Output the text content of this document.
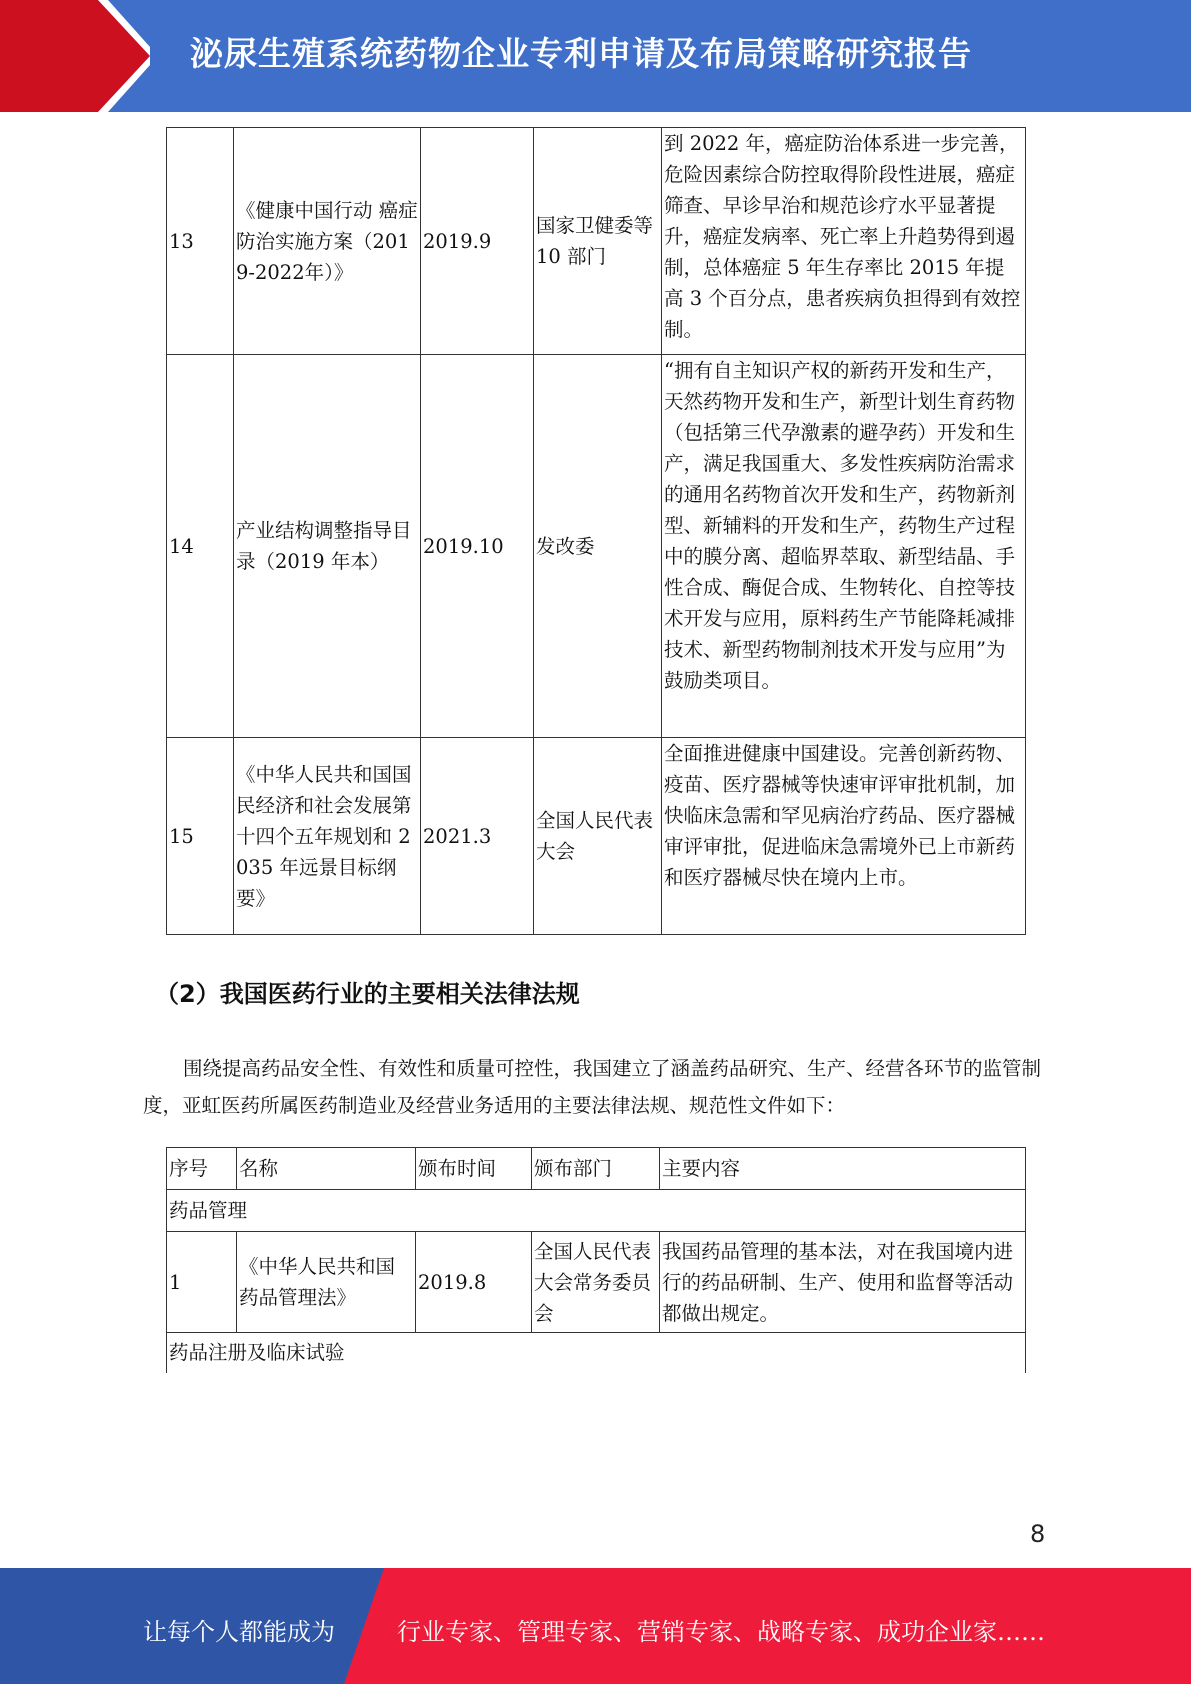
泌尿生殖系统药物企业专利申请及布局策略研究报告
13	《健康中国行动 癌症防治实施方案（2019-2022年）》	2019.9	国家卫健委等 10 部门	到 2022 年，癌症防治体系进一步完善，危险因素综合防控取得阶段性进展，癌症筛查、早诊早治和规范诊疗水平显著提升，癌症发病率、死亡率上升趋势得到遏制，总体癌症 5 年生存率比 2015 年提高 3 个百分点，患者疾病负担得到有效控制。
14	产业结构调整指导目录（2019 年本）	2019.10	发改委	“拥有自主知识产权的新药开发和生产，天然药物开发和生产，新型计划生育药物（包括第三代孕激素的避孕药）开发和生产，满足我国重大、多发性疾病防治需求的通用名药物首次开发和生产，药物新剂型、新辅料的开发和生产，药物生产过程中的膜分离、超临界萃取、新型结晶、手性合成、酶促合成、生物转化、自控等技术开发与应用，原料药生产节能降耗减排技术、新型药物制剂技术开发与应用”为鼓励类项目。
15	《中华人民共和国国民经济和社会发展第十四个五年规划和 2035 年远景目标纲要》	2021.3	全国人民代表大会	全面推进健康中国建设。完善创新药物、疫苗、医疗器械等快速审评审批机制，加快临床急需和罕见病治疗药品、医疗器械审评审批，促进临床急需境外已上市新药和医疗器械尽快在境内上市。
（2）我国医药行业的主要相关法律法规

围绕提高药品安全性、有效性和质量可控性，我国建立了涵盖药品研究、生产、经营各环节的监管制度，亚虹医药所属医药制造业及经营业务适用的主要法律法规、规范性文件如下：

序号	名称	颁布时间	颁布部门	主要内容
药品管理				
1	《中华人民共和国药品管理法》	2019.8	全国人民代表大会常务委员会	我国药品管理的基本法，对在我国境内进行的药品研制、生产、使用和监督等活动都做出规定。
药品注册及临床试验				
8
让每个人都能成为	行业专家、管理专家、营销专家、战略专家、成功企业家……
